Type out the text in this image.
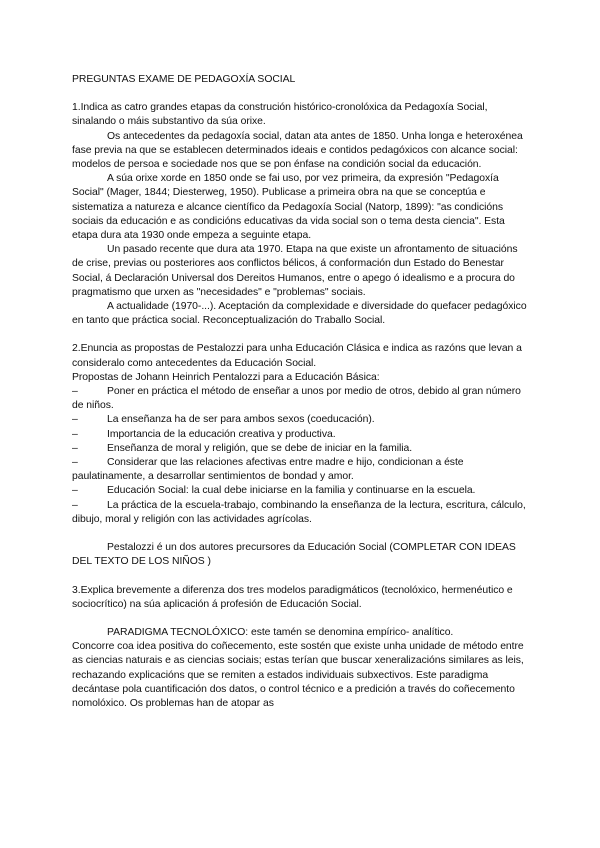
PREGUNTAS EXAME DE PEDAGOXÍA SOCIAL

1.Indica as catro grandes etapas da construción histórico-cronolóxica da Pedagoxía Social, sinalando o máis substantivo da súa orixe.

Os antecedentes da pedagoxía social, datan ata antes de 1850. Unha longa e heteroxénea fase previa na que se establecen determinados ideais e contidos pedagóxicos con alcance social: modelos de persoa e sociedade nos que se pon énfase na condición social da educación.

A súa orixe xorde en 1850 onde se fai uso, por vez primeira, da expresión "Pedagoxía Social" (Mager, 1844; Diesterweg, 1950). Publicase a primeira obra na que se conceptúa e sistematiza a natureza e alcance científico da Pedagoxía Social (Natorp, 1899): "as condicións sociais da educación e as condicións educativas da vida social son o tema desta ciencia". Esta etapa dura ata 1930 onde empeza a seguinte etapa.

Un pasado recente que dura ata 1970. Etapa na que existe un afrontamento de situacións de crise, previas ou posteriores aos conflictos bélicos, á conformación dun Estado do Benestar Social, á Declaración Universal dos Dereitos Humanos, entre o apego ó idealismo e a procura do pragmatismo que urxen as "necesidades" e "problemas" sociais.

A actualidade (1970-...). Aceptación da complexidade e diversidade do quefacer pedagóxico en tanto que práctica social. Reconceptualización do Traballo Social.

2.Enuncia as propostas de Pestalozzi para unha Educación Clásica e indica as razóns que levan a consideralo como antecedentes da Educación Social.

Propostas de Johann Heinrich Pentalozzi para a Educación Básica:

–	Poner en práctica el método de enseñar a unos por medio de otros, debido al gran número de niños.

–	La enseñanza ha de ser para ambos sexos (coeducación).
–	Importancia de la educación creativa y productiva.
–	Enseñanza de moral y religión, que se debe de iniciar en la familia.

–	Considerar que las relaciones afectivas entre madre e hijo, condicionan a éste paulatinamente, a desarrollar sentimientos de bondad y amor.

–	Educación Social: la cual debe iniciarse en la familia y continuarse en la escuela.

–	La práctica de la escuela-trabajo, combinando la enseñanza de la lectura, escritura, cálculo, dibujo, moral y religión con las actividades agrícolas.

Pestalozzi é un dos autores precursores da Educación Social (COMPLETAR CON IDEAS DEL TEXTO DE LOS NIÑOS )

3.Explica brevemente a diferenza dos tres modelos paradigmáticos (tecnolóxico, hermenéutico e sociocrítico) na súa aplicación á profesión de Educación Social.

PARADIGMA TECNOLÓXICO: este tamén se denomina empírico- analítico.

Concorre coa idea positiva do coñecemento, este sostén que existe unha unidade de método entre as ciencias naturais e as ciencias sociais; estas terían que buscar xeneralizacións similares as leis, rechazando explicacións que se remiten a estados individuais subxectivos. Este paradigma decántase pola cuantificación dos datos, o control técnico e a predición a través do coñecemento nomolóxico. Os problemas han de atopar as
